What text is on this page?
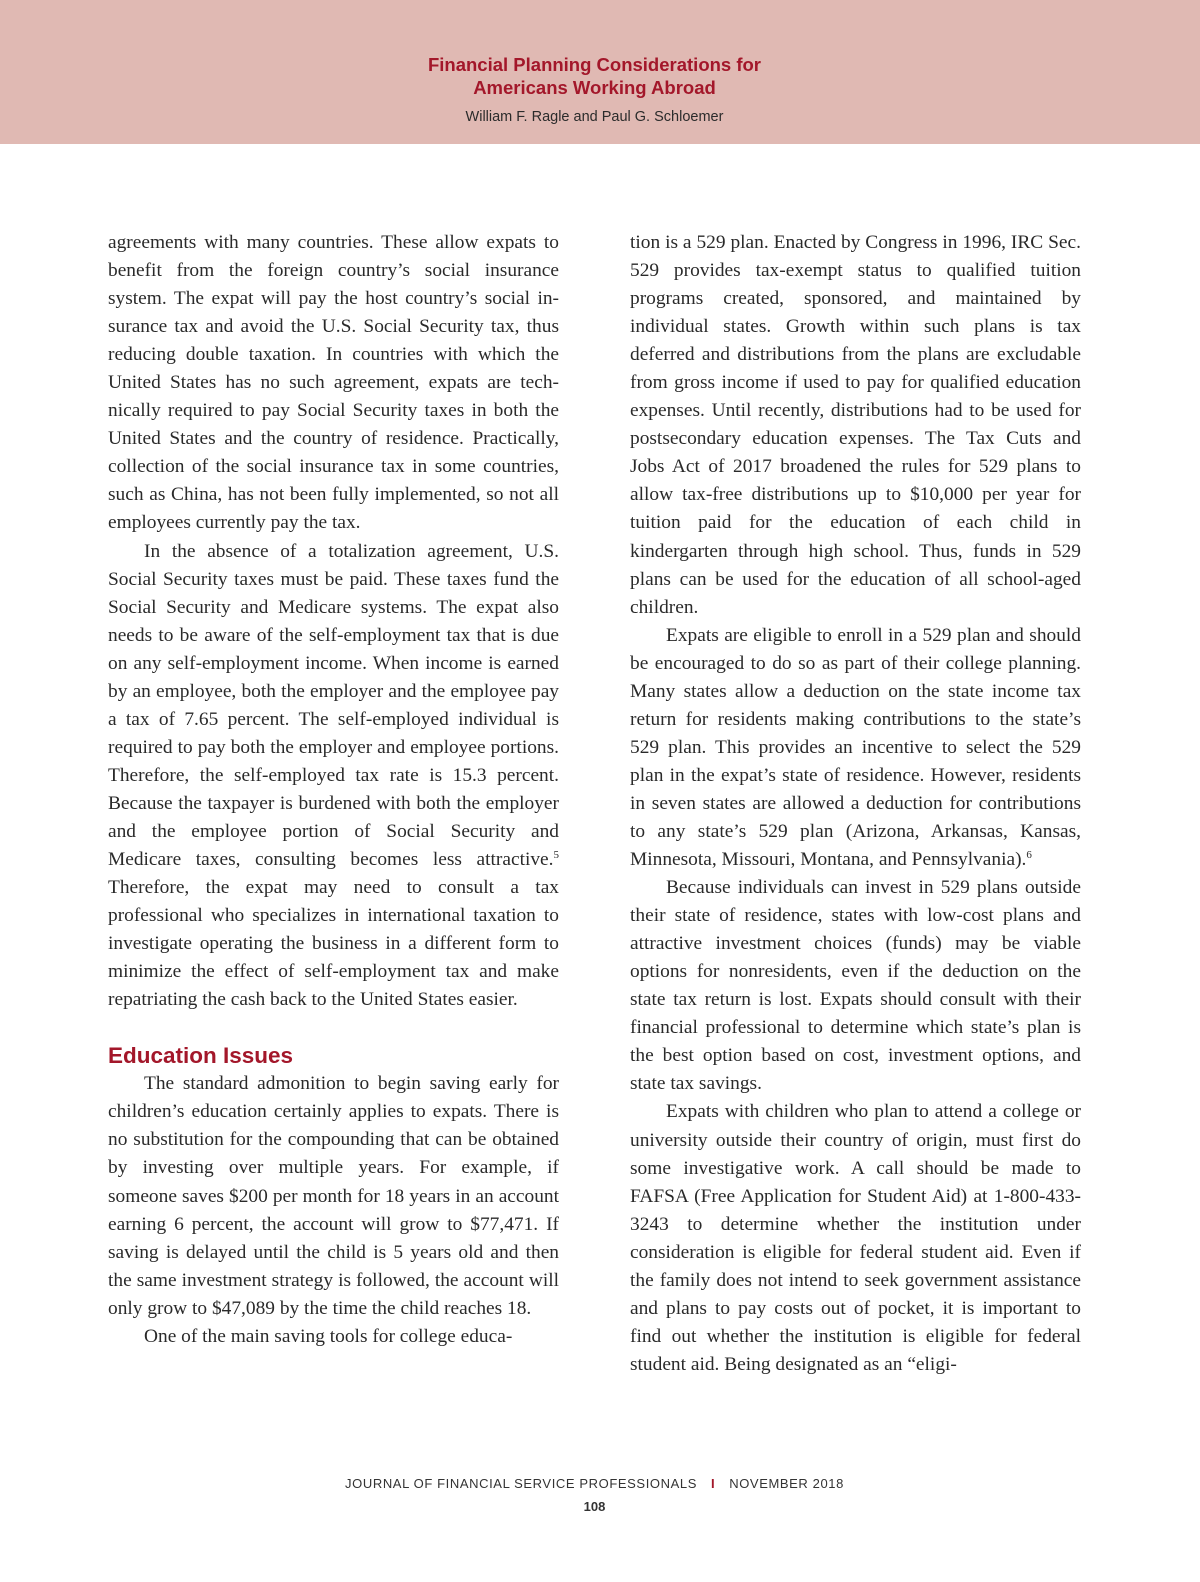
Financial Planning Considerations for
Americans Working Abroad
William F. Ragle and Paul G. Schloemer

agreements with many countries. These allow expats to benefit from the foreign country’s social insurance system. The expat will pay the host country’s social insurance tax and avoid the U.S. Social Security tax, thus reducing double taxation. In countries with which the United States has no such agreement, expats are technically required to pay Social Security taxes in both the United States and the country of residence. Practically, collection of the social insurance tax in some countries, such as China, has not been fully implemented, so not all employees currently pay the tax.

In the absence of a totalization agreement, U.S. Social Security taxes must be paid. These taxes fund the Social Security and Medicare systems. The expat also needs to be aware of the self-employment tax that is due on any self-employment income. When income is earned by an employee, both the employer and the employee pay a tax of 7.65 percent. The self-employed individual is required to pay both the employer and employee portions. Therefore, the self-employed tax rate is 15.3 percent. Because the taxpayer is burdened with both the employer and the employee portion of Social Security and Medicare taxes, consulting becomes less attractive.$^5$ Therefore, the expat may need to consult a tax professional who specializes in international taxation to investigate operating the business in a different form to minimize the effect of self-employment tax and make repatriating the cash back to the United States easier.

Education Issues

The standard admonition to begin saving early for children’s education certainly applies to expats. There is no substitution for the compounding that can be obtained by investing over multiple years. For example, if someone saves $200 per month for 18 years in an account earning 6 percent, the account will grow to $77,471. If saving is delayed until the child is 5 years old and then the same investment strategy is followed, the account will only grow to $47,089 by the time the child reaches 18.

One of the main saving tools for college educa-

tion is a 529 plan. Enacted by Congress in 1996, IRC Sec. 529 provides tax-exempt status to qualified tuition programs created, sponsored, and maintained by individual states. Growth within such plans is tax deferred and distributions from the plans are excludable from gross income if used to pay for qualified education expenses. Until recently, distributions had to be used for postsecondary education expenses. The Tax Cuts and Jobs Act of 2017 broadened the rules for 529 plans to allow tax-free distributions up to $10,000 per year for tuition paid for the education of each child in kindergarten through high school. Thus, funds in 529 plans can be used for the education of all school-aged children.

Expats are eligible to enroll in a 529 plan and should be encouraged to do so as part of their college planning. Many states allow a deduction on the state income tax return for residents making contributions to the state’s 529 plan. This provides an incentive to select the 529 plan in the expat’s state of residence. However, residents in seven states are allowed a deduction for contributions to any state’s 529 plan (Arizona, Arkansas, Kansas, Minnesota, Missouri, Montana, and Pennsylvania).$^6$

Because individuals can invest in 529 plans outside their state of residence, states with low-cost plans and attractive investment choices (funds) may be viable options for nonresidents, even if the deduction on the state tax return is lost. Expats should consult with their financial professional to determine which state’s plan is the best option based on cost, investment options, and state tax savings.

Expats with children who plan to attend a college or university outside their country of origin, must first do some investigative work. A call should be made to FAFSA (Free Application for Student Aid) at 1-800-433-3243 to determine whether the institution under consideration is eligible for federal student aid. Even if the family does not intend to seek government assistance and plans to pay costs out of pocket, it is important to find out whether the institution is eligible for federal student aid. Being designated as an “eligi-

JOURNAL OF FINANCIAL SERVICE PROFESSIONALS I NOVEMBER 2018
108
